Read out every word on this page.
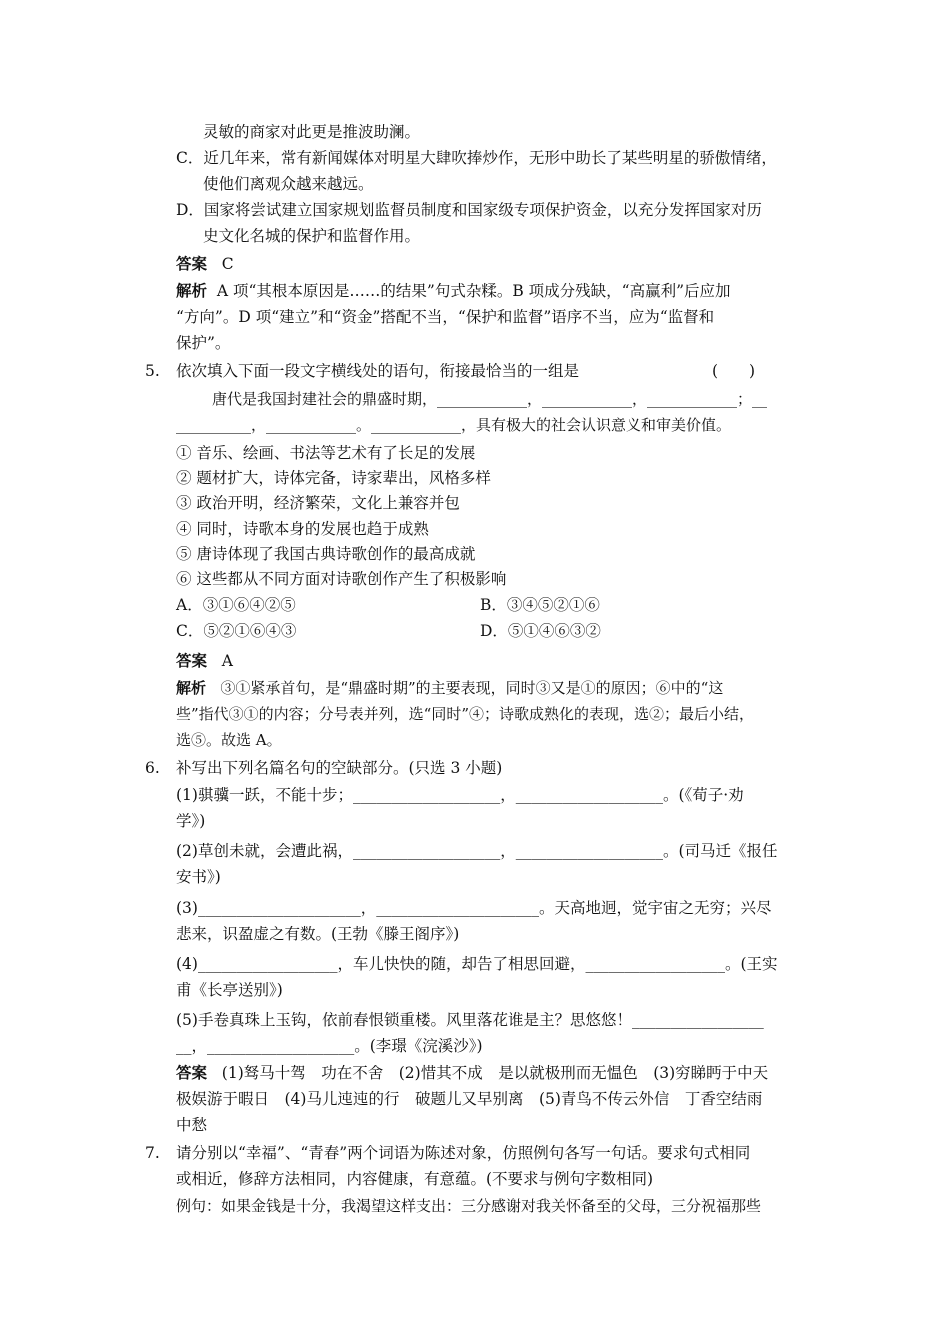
灵敏的商家对此更是推波助澜。
C．近几年来，常有新闻媒体对明星大肆吹捧炒作，无形中助长了某些明星的骄傲情绪，
使他们离观众越来越远。
D．国家将尝试建立国家规划监督员制度和国家级专项保护资金，以充分发挥国家对历
史文化名城的保护和监督作用。
答案 C
解析 A 项“其根本原因是……的结果”句式杂糅。B 项成分残缺，“高赢利”后应加
“方向”。D 项“建立”和“资金”搭配不当，“保护和监督”语序不当，应为“监督和
保护”。
5. 依次填入下面一段文字横线处的语句，衔接最恰当的一组是	(　　)
唐代是我国封建社会的鼎盛时期，____________，____________，____________；__
__________，____________。____________，具有极大的社会认识意义和审美价值。
① 音乐、绘画、书法等艺术有了长足的发展
② 题材扩大，诗体完备，诗家辈出，风格多样
③ 政治开明，经济繁荣，文化上兼容并包
④ 同时，诗歌本身的发展也趋于成熟
⑤ 唐诗体现了我国古典诗歌创作的最高成就
⑥ 这些都从不同方面对诗歌创作产生了积极影响
A．③①⑥④②⑤	B．③④⑤②①⑥
C．⑤②①⑥④③	D．⑤①④⑥③②
答案 A
解析 ③①紧承首句，是“鼎盛时期”的主要表现，同时③又是①的原因；⑥中的“这
些”指代③①的内容；分号表并列，选“同时”④；诗歌成熟化的表现，选②；最后小结，
选⑤。故选 A。
6. 补写出下列名篇名句的空缺部分。(只选 3 小题)
(1)骐骥一跃，不能十步；___________________，___________________。(《荀子·劝
学》)
(2)草创未就，会遭此祸，___________________，___________________。(司马迁《报任
安书》)
(3)_____________________，_____________________。天高地迥，觉宇宙之无穷；兴尽
悲来，识盈虚之有数。(王勃《滕王阁序》)
(4)__________________，车儿快快的随，却告了相思回避，__________________。(王实
甫《长亭送别》)
(5)手卷真珠上玉钩，依前春恨锁重楼。风里落花谁是主？思悠悠！_________________
__，___________________。(李璟《浣溪沙》)
答案 (1)驽马十驾　功在不舍　(2)惜其不成　是以就极刑而无愠色　(3)穷睇眄于中天
极娱游于暇日　(4)马儿迍迍的行　破题儿又早别离　(5)青鸟不传云外信　丁香空结雨
中愁
7. 请分别以“幸福”、“青春”两个词语为陈述对象，仿照例句各写一句话。要求句式相同
或相近，修辞方法相同，内容健康，有意蕴。(不要求与例句字数相同)
例句：如果金钱是十分，我渴望这样支出：三分感谢对我关怀备至的父母，三分祝福那些
